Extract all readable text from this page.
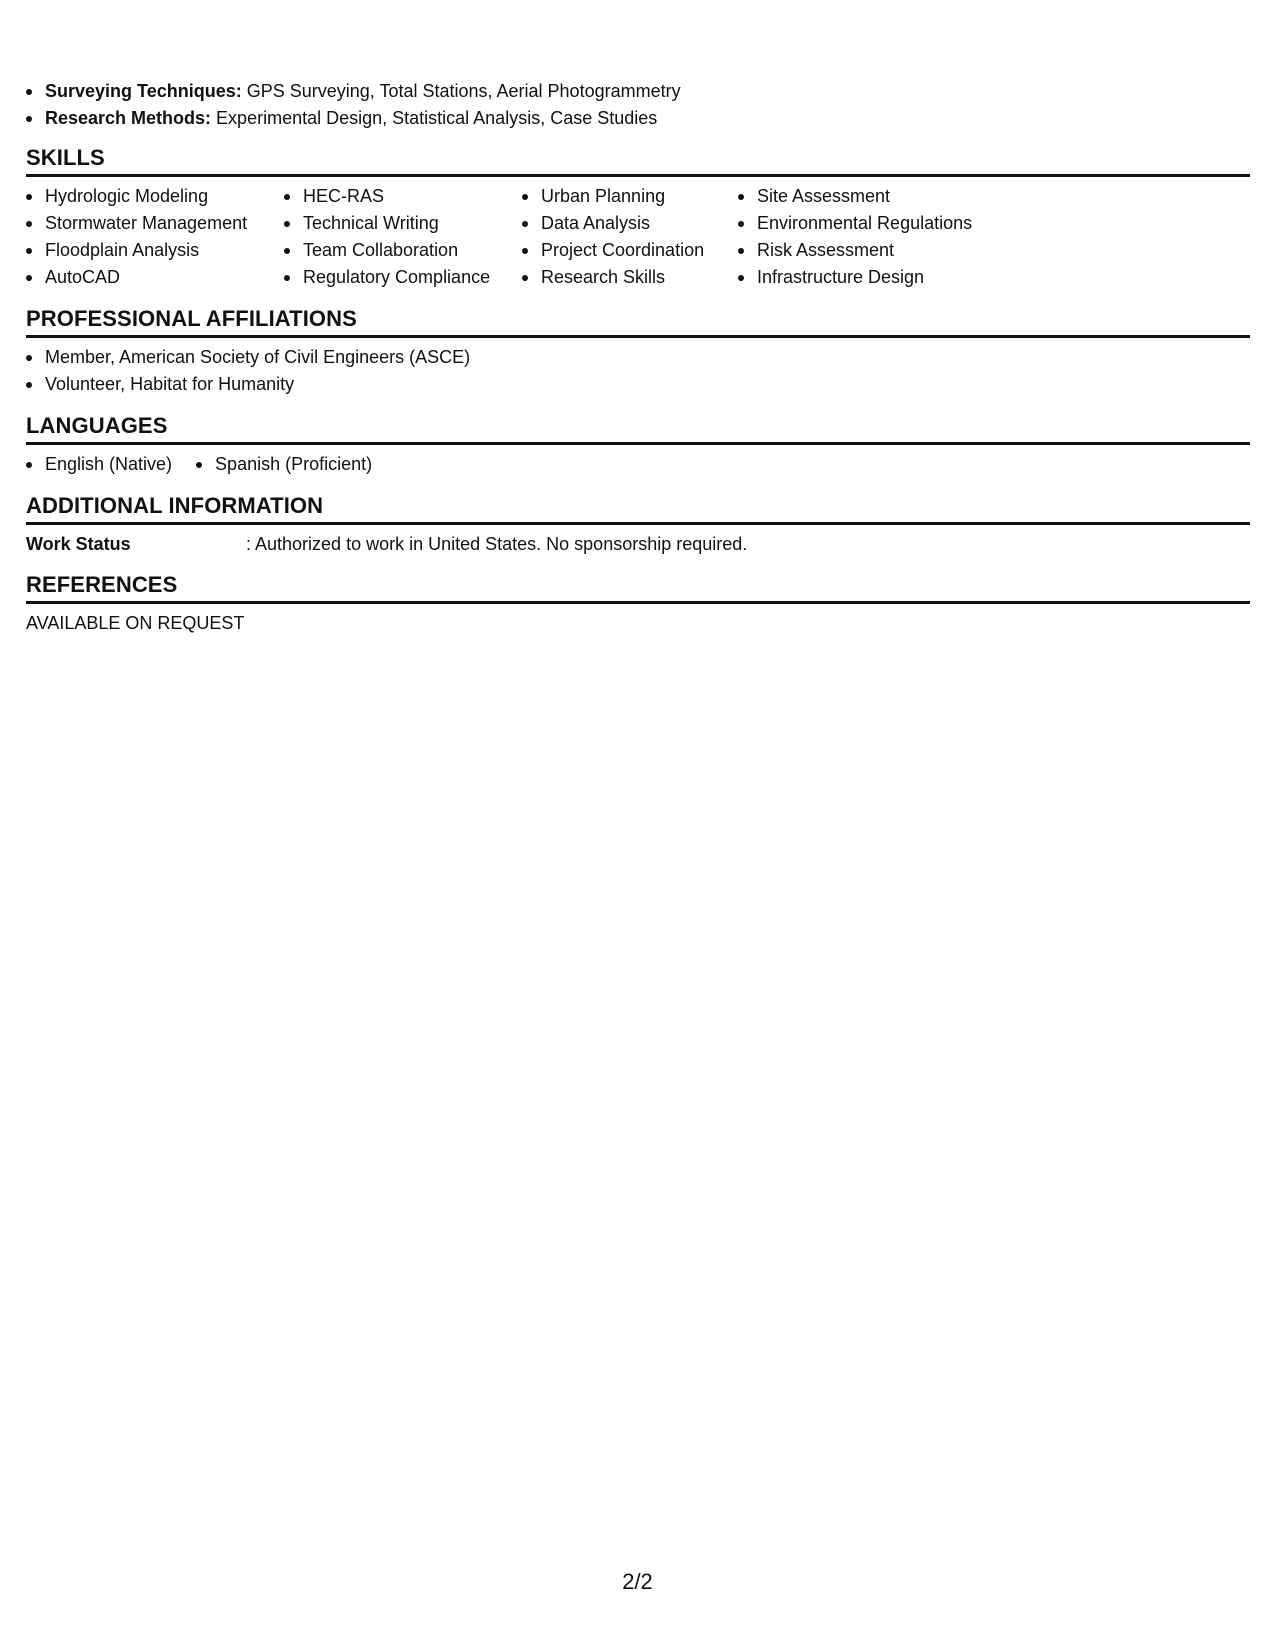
Surveying Techniques: GPS Surveying, Total Stations, Aerial Photogrammetry
Research Methods: Experimental Design, Statistical Analysis, Case Studies
SKILLS
Hydrologic Modeling
Stormwater Management
Floodplain Analysis
AutoCAD
HEC-RAS
Technical Writing
Team Collaboration
Regulatory Compliance
Urban Planning
Data Analysis
Project Coordination
Research Skills
Site Assessment
Environmental Regulations
Risk Assessment
Infrastructure Design
PROFESSIONAL AFFILIATIONS
Member, American Society of Civil Engineers (ASCE)
Volunteer, Habitat for Humanity
LANGUAGES
English (Native)	Spanish (Proficient)
ADDITIONAL INFORMATION
Work Status	: Authorized to work in United States. No sponsorship required.
REFERENCES
AVAILABLE ON REQUEST
2/2
